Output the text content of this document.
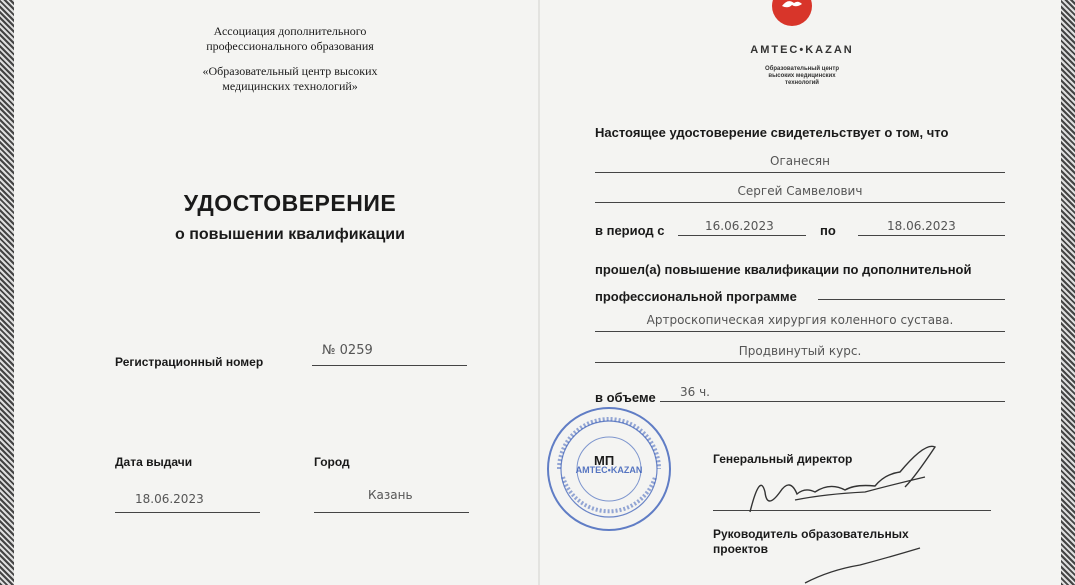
Ассоциация дополнительного
профессионального образования
«Образовательный центр высоких
медицинских технологий»
УДОСТОВЕРЕНИЕ
о повышении квалификации
Регистрационный номер
№ 0259
Дата выдачи	Город
18.06.2023	Казань
AMTEC•KAZAN
Образовательный центр
высоких медицинских
технологий
Настоящее удостоверение свидетельствует о том, что
Оганесян
Сергей Самвелович
в период с	16.06.2023	по	18.06.2023
прошел(а) повышение квалификации по дополнительной
профессиональной программе
Артроскопическая хирургия коленного сустава.
Продвинутый курс.
в объеме 36 ч.
AMTEC•KAZAN
МП	Генеральный директор
Руководитель образовательных
проектов
